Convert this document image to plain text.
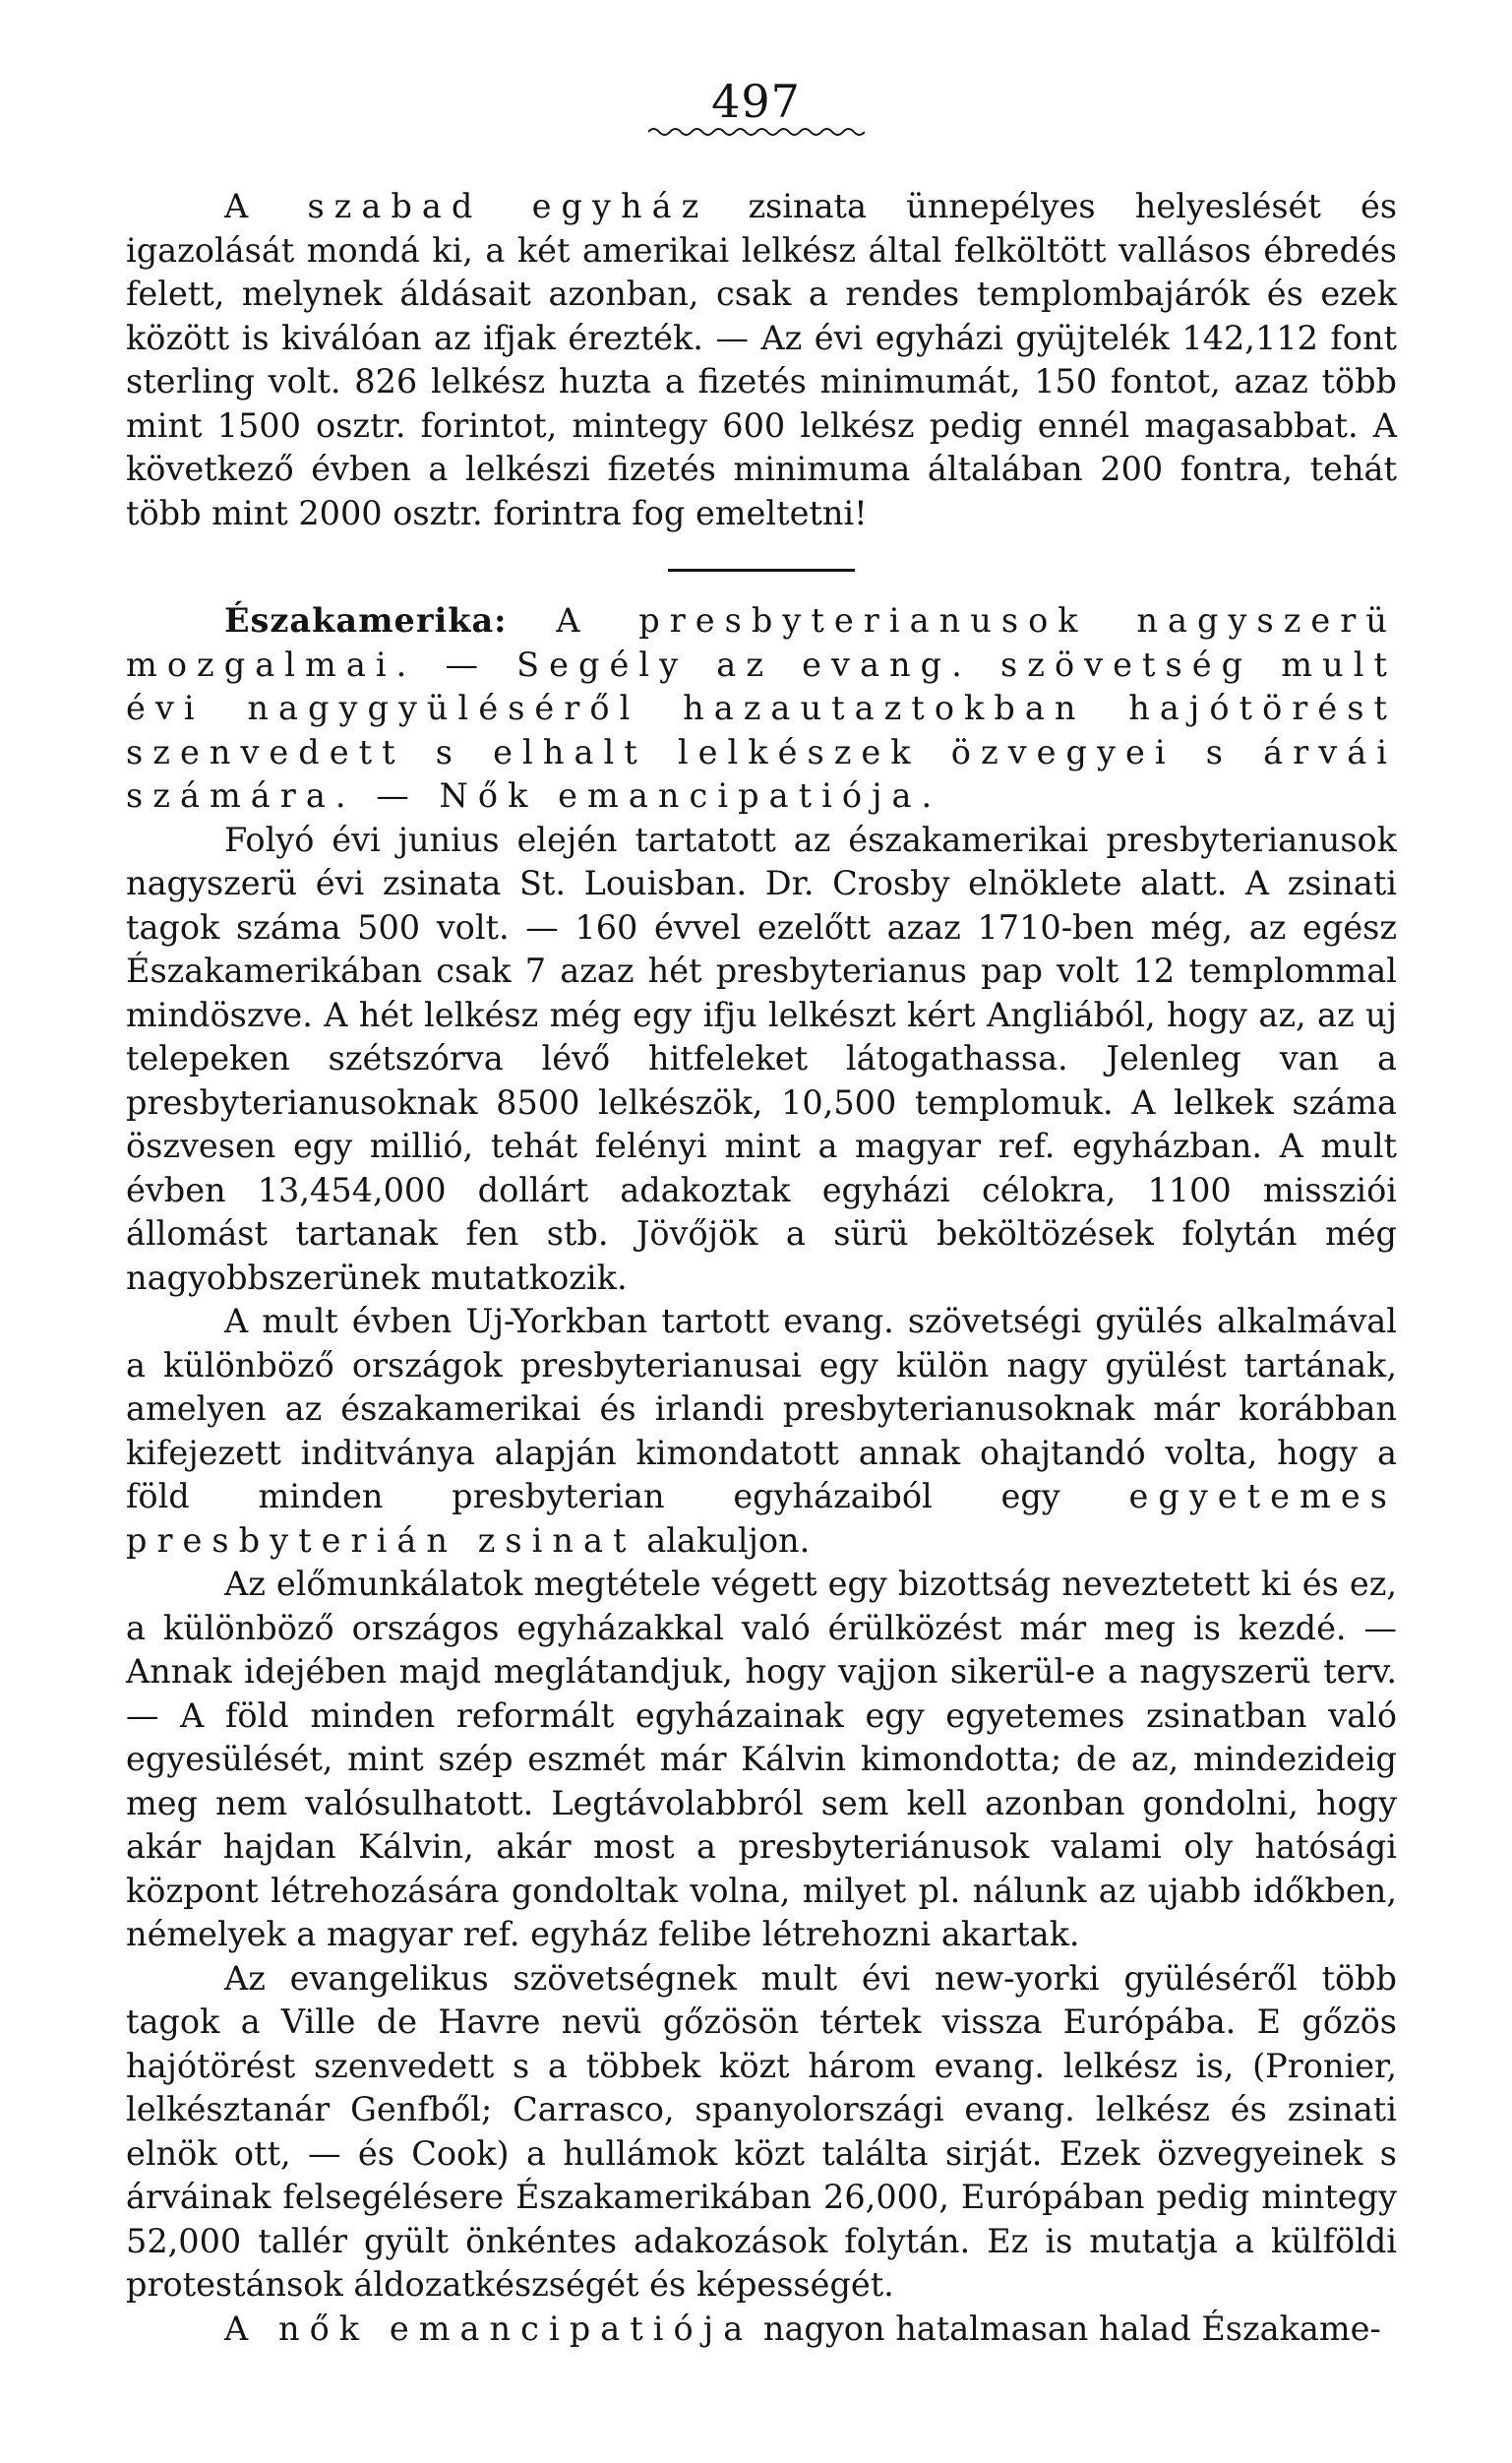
497

A szabad egyház zsinata ünnepélyes helyeslését és igazolását mondá ki, a két amerikai lelkész által felköltött vallásos ébredés felett, melynek áldásait azonban, csak a rendes templombajárók és ezek között is kiválóan az ifjak érezték. — Az évi egyházi gyüjtelék 142,112 font sterling volt. 826 lelkész huzta a fizetés minimumát, 150 fontot, azaz több mint 1500 osztr. forintot, mintegy 600 lelkész pedig ennél magasabbat. A következő évben a lelkészi fizetés minimuma általában 200 fontra, tehát több mint 2000 osztr. forintra fog emeltetni!

Északamerika: A presbyterianusok nagyszerü mozgalmai. — Segély az evang. szövetség mult évi nagygyüléséről hazautaztokban hajótörést szenvedett s elhalt lelkészek özvegyei s árvái számára. — Nők emancipatiója.

Folyó évi junius elején tartatott az északamerikai presbyterianusok nagyszerü évi zsinata St. Louisban. Dr. Crosby elnöklete alatt. A zsinati tagok száma 500 volt. — 160 évvel ezelőtt azaz 1710-ben még, az egész Északamerikában csak 7 azaz hét presbyterianus pap volt 12 templommal mindöszve. A hét lelkész még egy ifju lelkészt kért Angliából, hogy az, az uj telepeken szétszórva lévő hitfeleket látogathassa. Jelenleg van a presbyterianusoknak 8500 lelkészök, 10,500 templomuk. A lelkek száma öszvesen egy millió, tehát felényi mint a magyar ref. egyházban. A mult évben 13,454,000 dollárt adakoztak egyházi célokra, 1100 missziói állomást tartanak fen stb. Jövőjök a sürü beköltözések folytán még nagyobbszerünek mutatkozik.

A mult évben Uj-Yorkban tartott evang. szövetségi gyülés alkalmával a különböző országok presbyterianusai egy külön nagy gyülést tartának, amelyen az északamerikai és irlandi presbyterianusoknak már korábban kifejezett inditványa alapján kimondatott annak ohajtandó volta, hogy a föld minden presbyterian egyházaiból egy egyetemes presbyterián zsinat alakuljon.

Az előmunkálatok megtétele végett egy bizottság neveztetett ki és ez, a különböző országos egyházakkal való érülközést már meg is kezdé. — Annak idejében majd meglátandjuk, hogy vajjon sikerül-e a nagyszerü terv. — A föld minden reformált egyházainak egy egyetemes zsinatban való egyesülését, mint szép eszmét már Kálvin kimondotta; de az, mindezideig meg nem valósulhatott. Legtávolabbról sem kell azonban gondolni, hogy akár hajdan Kálvin, akár most a presbyteriánusok valami oly hatósági központ létrehozására gondoltak volna, milyet pl. nálunk az ujabb időkben, némelyek a magyar ref. egyház felibe létrehozni akartak.

Az evangelikus szövetségnek mult évi new-yorki gyüléséről több tagok a Ville de Havre nevü gőzösön tértek vissza Európába. E gőzös hajótörést szenvedett s a többek közt három evang. lelkész is, (Pronier, lelkésztanár Genfből; Carrasco, spanyolországi evang. lelkész és zsinati elnök ott, — és Cook) a hullámok közt találta sirját. Ezek özvegyeinek s árváinak felsegélésere Északamerikában 26,000, Európában pedig mintegy 52,000 tallér gyült önkéntes adakozások folytán. Ez is mutatja a külföldi protestánsok áldozatkészségét és képességét.

A nők emancipatiója nagyon hatalmasan halad Északame-
